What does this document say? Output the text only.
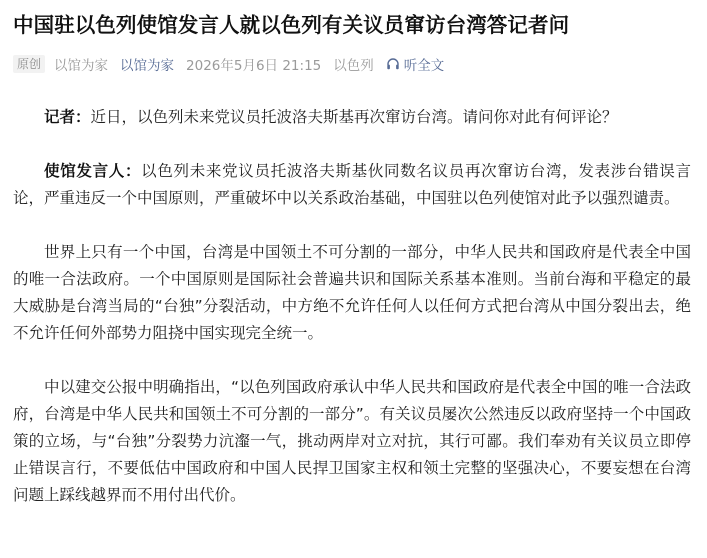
中国驻以色列使馆发言人就以色列有关议员窜访台湾答记者问
原创 以馆为家 以馆为家 2026年5月6日 21:15 以色列 听全文

记者：近日，以色列未来党议员托波洛夫斯基再次窜访台湾。请问你对此有何评论？

使馆发言人：以色列未来党议员托波洛夫斯基伙同数名议员再次窜访台湾，发表涉台错误言论，严重违反一个中国原则，严重破坏中以关系政治基础，中国驻以色列使馆对此予以强烈谴责。

世界上只有一个中国，台湾是中国领土不可分割的一部分，中华人民共和国政府是代表全中国的唯一合法政府。一个中国原则是国际社会普遍共识和国际关系基本准则。当前台海和平稳定的最大威胁是台湾当局的“台独”分裂活动，中方绝不允许任何人以任何方式把台湾从中国分裂出去，绝不允许任何外部势力阻挠中国实现完全统一。

中以建交公报中明确指出，“以色列国政府承认中华人民共和国政府是代表全中国的唯一合法政府，台湾是中华人民共和国领土不可分割的一部分”。有关议员屡次公然违反以政府坚持一个中国政策的立场，与“台独”分裂势力沆瀣一气，挑动两岸对立对抗，其行可鄙。我们奉劝有关议员立即停止错误言行，不要低估中国政府和中国人民捍卫国家主权和领土完整的坚强决心，不要妄想在台湾问题上踩线越界而不用付出代价。
